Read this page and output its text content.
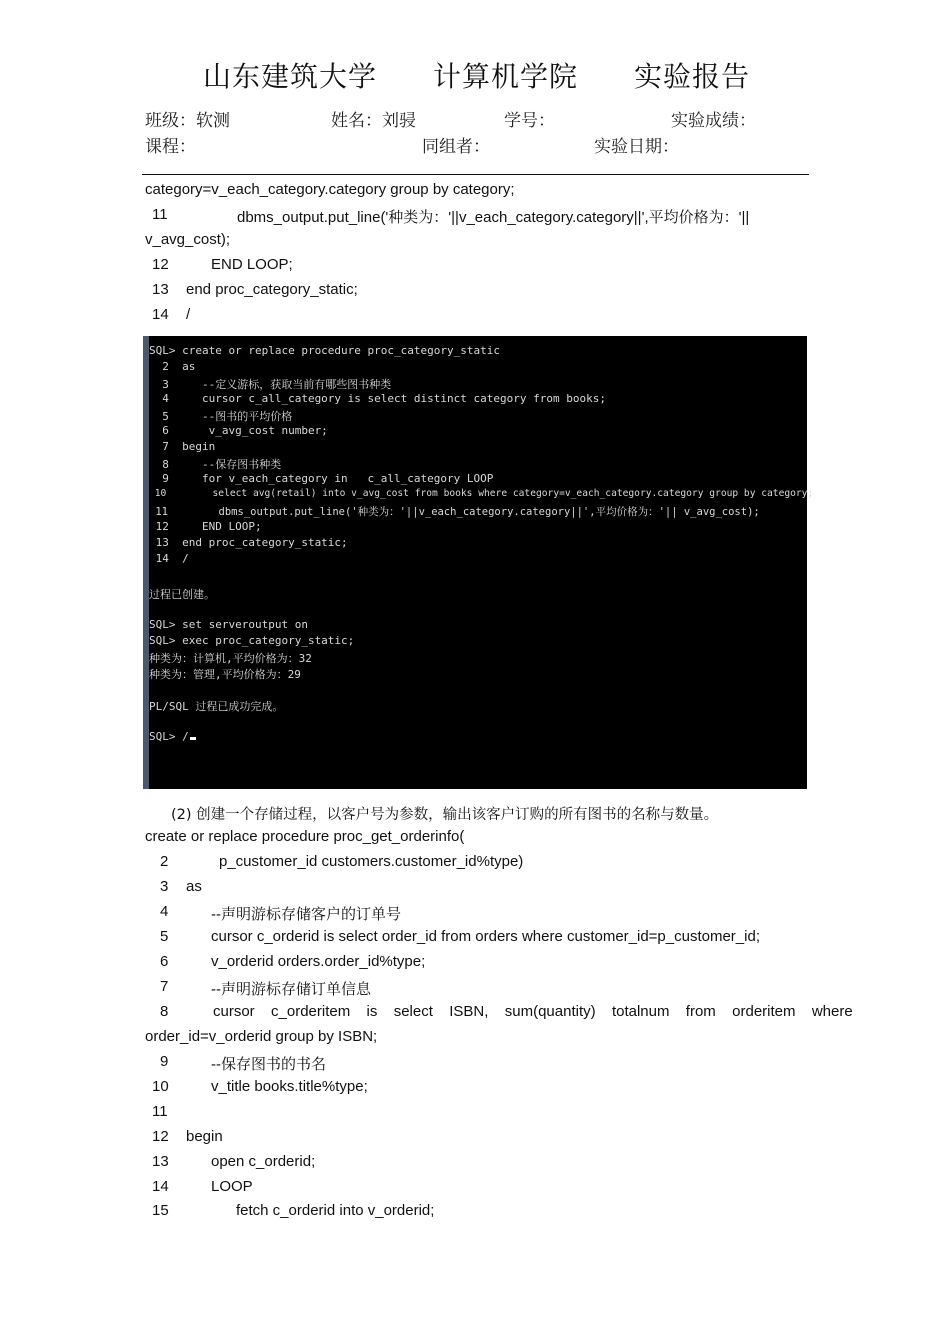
山东建筑大学 计算机学院 实验报告
班级：软测	姓名：刘骎	学号：	实验成绩：
课程：	同组者：	实验日期：
category=v_each_category.category group by category;
11	dbms_output.put_line('种类为：'||v_each_category.category||',平均价格为：'||
v_avg_cost);
12	END LOOP;
13 end proc_category_static;
14 /
SQL> create or replace procedure proc_category_static
2  as
3     --定义游标，获取当前有哪些图书种类
4     cursor c_all_category is select distinct category from books;
5     --图书的平均价格
6      v_avg_cost number;
7  begin
8     --保存图书种类
9     for v_each_category in   c_all_category LOOP
10        select avg(retail) into v_avg_cost from books where category=v_each_category.category group by category;
11        dbms_output.put_line('种类为：'||v_each_category.category||',平均价格为：'|| v_avg_cost);
12     END LOOP;
13  end proc_category_static;
14  /
过程已创建。
SQL> set serveroutput on
SQL> exec proc_category_static;
种类为：计算机,平均价格为：32
种类为：管理,平均价格为：29
PL/SQL 过程已成功完成。
SQL> /
(2) 创建一个存储过程，以客户号为参数，输出该客户订购的所有图书的名称与数量。
create or replace procedure proc_get_orderinfo(
2	p_customer_id customers.customer_id%type)
3 as
4	--声明游标存储客户的订单号
5	cursor c_orderid is select order_id from orders where customer_id=p_customer_id;
6	v_orderid orders.order_id%type;
7	--声明游标存储订单信息
8	cursor  c_orderitem  is  select  ISBN,  sum(quantity)  totalnum  from  orderitem  where
order_id=v_orderid group by ISBN;
9	--保存图书的书名
10	v_title books.title%type;
11
12 begin
13	open c_orderid;
14	LOOP
15	fetch c_orderid into v_orderid;
